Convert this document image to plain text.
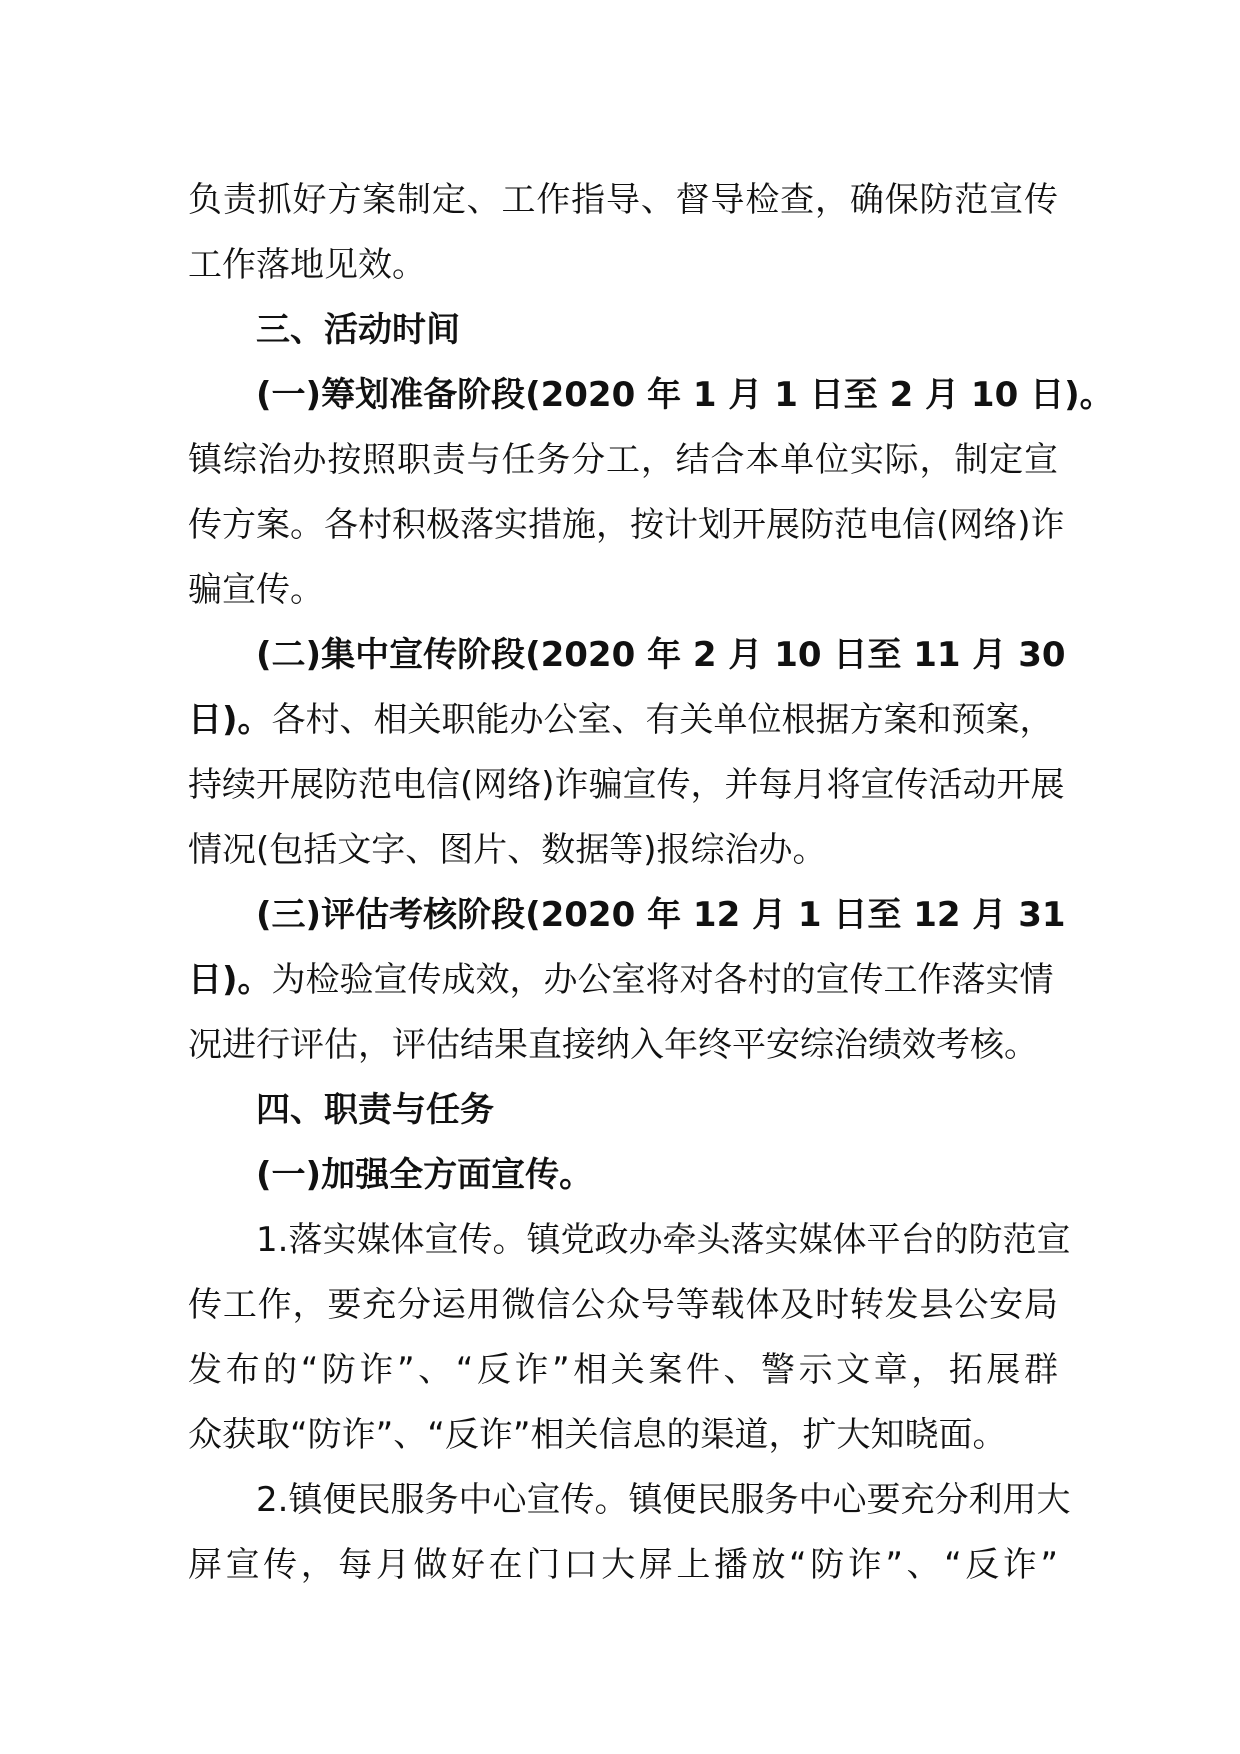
负责抓好方案制定、工作指导、督导检查，确保防范宣传
工作落地见效。
三、活动时间
(一)筹划准备阶段(2020 年 1 月 1 日至 2 月 10 日)。
镇综治办按照职责与任务分工，结合本单位实际，制定宣
传方案。各村积极落实措施，按计划开展防范电信(网络)诈
骗宣传。
(二)集中宣传阶段(2020 年 2 月 10 日至 11 月 30
日)。各村、相关职能办公室、有关单位根据方案和预案，
持续开展防范电信(网络)诈骗宣传，并每月将宣传活动开展
情况(包括文字、图片、数据等)报综治办。
(三)评估考核阶段(2020 年 12 月 1 日至 12 月 31
日)。为检验宣传成效，办公室将对各村的宣传工作落实情
况进行评估，评估结果直接纳入年终平安综治绩效考核。
四、职责与任务
(一)加强全方面宣传。
1.落实媒体宣传。镇党政办牵头落实媒体平台的防范宣
传工作，要充分运用微信公众号等载体及时转发县公安局
发布的“防诈”、“反诈”相关案件、警示文章，拓展群
众获取“防诈”、“反诈”相关信息的渠道，扩大知晓面。
2.镇便民服务中心宣传。镇便民服务中心要充分利用大
屏宣传，每月做好在门口大屏上播放“防诈”、“反诈”
